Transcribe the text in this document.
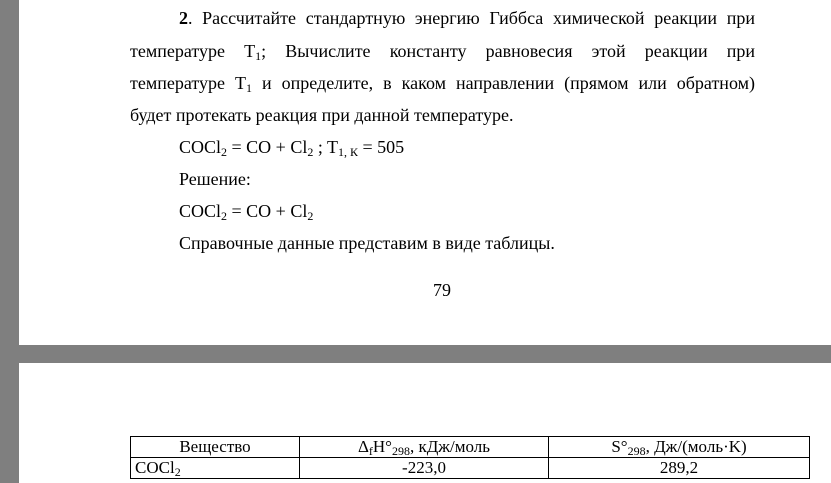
2. Рассчитайте стандартную энергию Гиббса химической реакции при
температуре $Т_1$; Вычислите константу равновесия этой реакции при
температуре $Т_1$ и определите, в каком направлении (прямом или обратном)
будет протекать реакция при данной температуре.
COCl$_2$ = CO + $Cl_2$ ; $T_{1, К} = 505$
Решение:
COCl$_2$ = CO + $Cl_2$
Справочные данные представим в виде таблицы.
79
Вещество	$\Delta_fH^\circ_{298}$, кДж/моль	$S^\circ_{298}$, Дж/(моль·K)
COCl$_2$	-223,0	289,2
